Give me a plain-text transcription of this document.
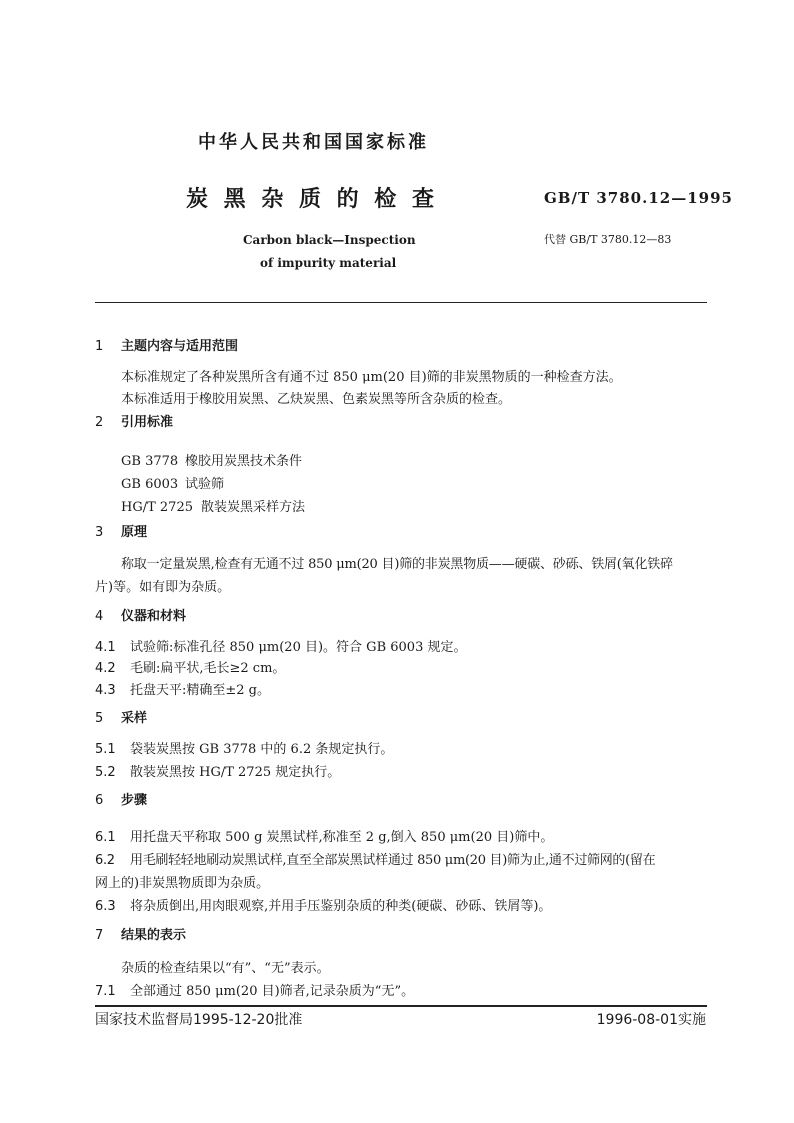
中华人民共和国国家标准
炭 黑 杂 质 的 检 查	GB/T 3780.12—1995
Carbon black—Inspection
of impurity material
代替 GB/T 3780.12—83
1 主题内容与适用范围
本标准规定了各种炭黑所含有通不过 850 μm(20 目)筛的非炭黑物质的一种检查方法。
本标准适用于橡胶用炭黑、乙炔炭黑、色素炭黑等所含杂质的检查。
2 引用标准
GB 3778 橡胶用炭黑技术条件
GB 6003 试验筛
HG/T 2725 散装炭黑采样方法
3 原理
称取一定量炭黑,检查有无通不过 850 μm(20 目)筛的非炭黑物质——硬碳、砂砾、铁屑(氧化铁碎
片)等。如有即为杂质。
4 仪器和材料
4.1 试验筛:标准孔径 850 μm(20 目)。符合 GB 6003 规定。
4.2 毛刷:扁平状,毛长≥2 cm。
4.3 托盘天平:精确至±2 g。
5 采样
5.1 袋装炭黑按 GB 3778 中的 6.2 条规定执行。
5.2 散装炭黑按 HG/T 2725 规定执行。
6 步骤
6.1 用托盘天平称取 500 g 炭黑试样,称准至 2 g,倒入 850 μm(20 目)筛中。
6.2 用毛刷轻轻地刷动炭黑试样,直至全部炭黑试样通过 850 μm(20 目)筛为止,通不过筛网的(留在
网上的)非炭黑物质即为杂质。
6.3 将杂质倒出,用肉眼观察,并用手压鉴别杂质的种类(硬碳、砂砾、铁屑等)。
7 结果的表示
杂质的检查结果以“有”、“无”表示。
7.1 全部通过 850 μm(20 目)筛者,记录杂质为“无”。
国家技术监督局1995-12-20批准	1996-08-01实施
